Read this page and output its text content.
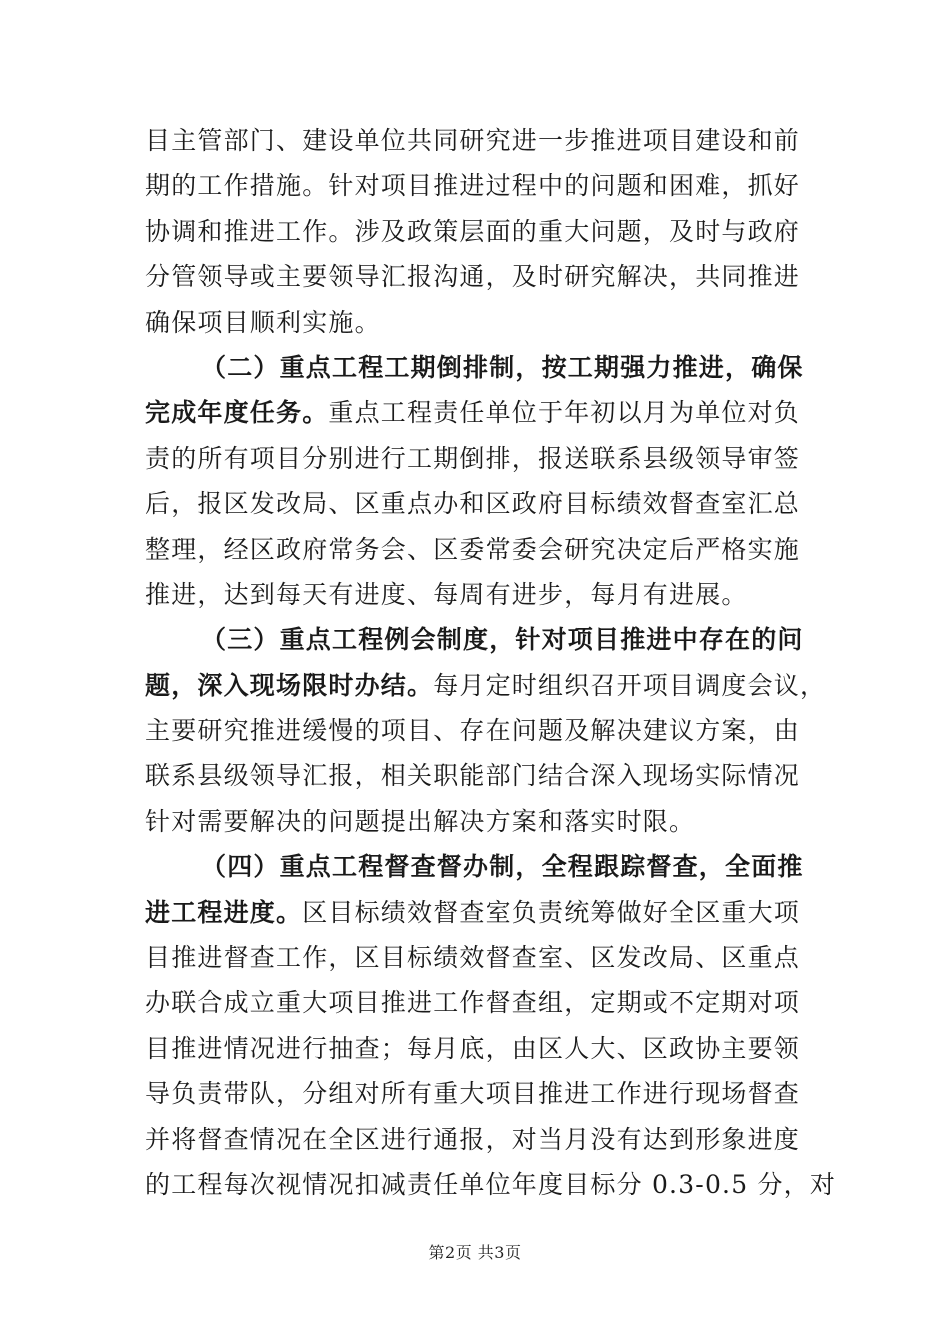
目主管部门、建设单位共同研究进一步推进项目建设和前
期的工作措施。针对项目推进过程中的问题和困难，抓好
协调和推进工作。涉及政策层面的重大问题，及时与政府
分管领导或主要领导汇报沟通，及时研究解决，共同推进
确保项目顺利实施。
（二）重点工程工期倒排制，按工期强力推进，确保
完成年度任务。重点工程责任单位于年初以月为单位对负
责的所有项目分别进行工期倒排，报送联系县级领导审签
后，报区发改局、区重点办和区政府目标绩效督查室汇总
整理，经区政府常务会、区委常委会研究决定后严格实施
推进，达到每天有进度、每周有进步，每月有进展。
（三）重点工程例会制度，针对项目推进中存在的问
题，深入现场限时办结。每月定时组织召开项目调度会议，
主要研究推进缓慢的项目、存在问题及解决建议方案，由
联系县级领导汇报，相关职能部门结合深入现场实际情况
针对需要解决的问题提出解决方案和落实时限。
（四）重点工程督查督办制，全程跟踪督查，全面推
进工程进度。区目标绩效督查室负责统筹做好全区重大项
目推进督查工作，区目标绩效督查室、区发改局、区重点
办联合成立重大项目推进工作督查组，定期或不定期对项
目推进情况进行抽查；每月底，由区人大、区政协主要领
导负责带队，分组对所有重大项目推进工作进行现场督查
并将督查情况在全区进行通报，对当月没有达到形象进度
的工程每次视情况扣减责任单位年度目标分 0.3-0.5 分，对
第2页 共3页
